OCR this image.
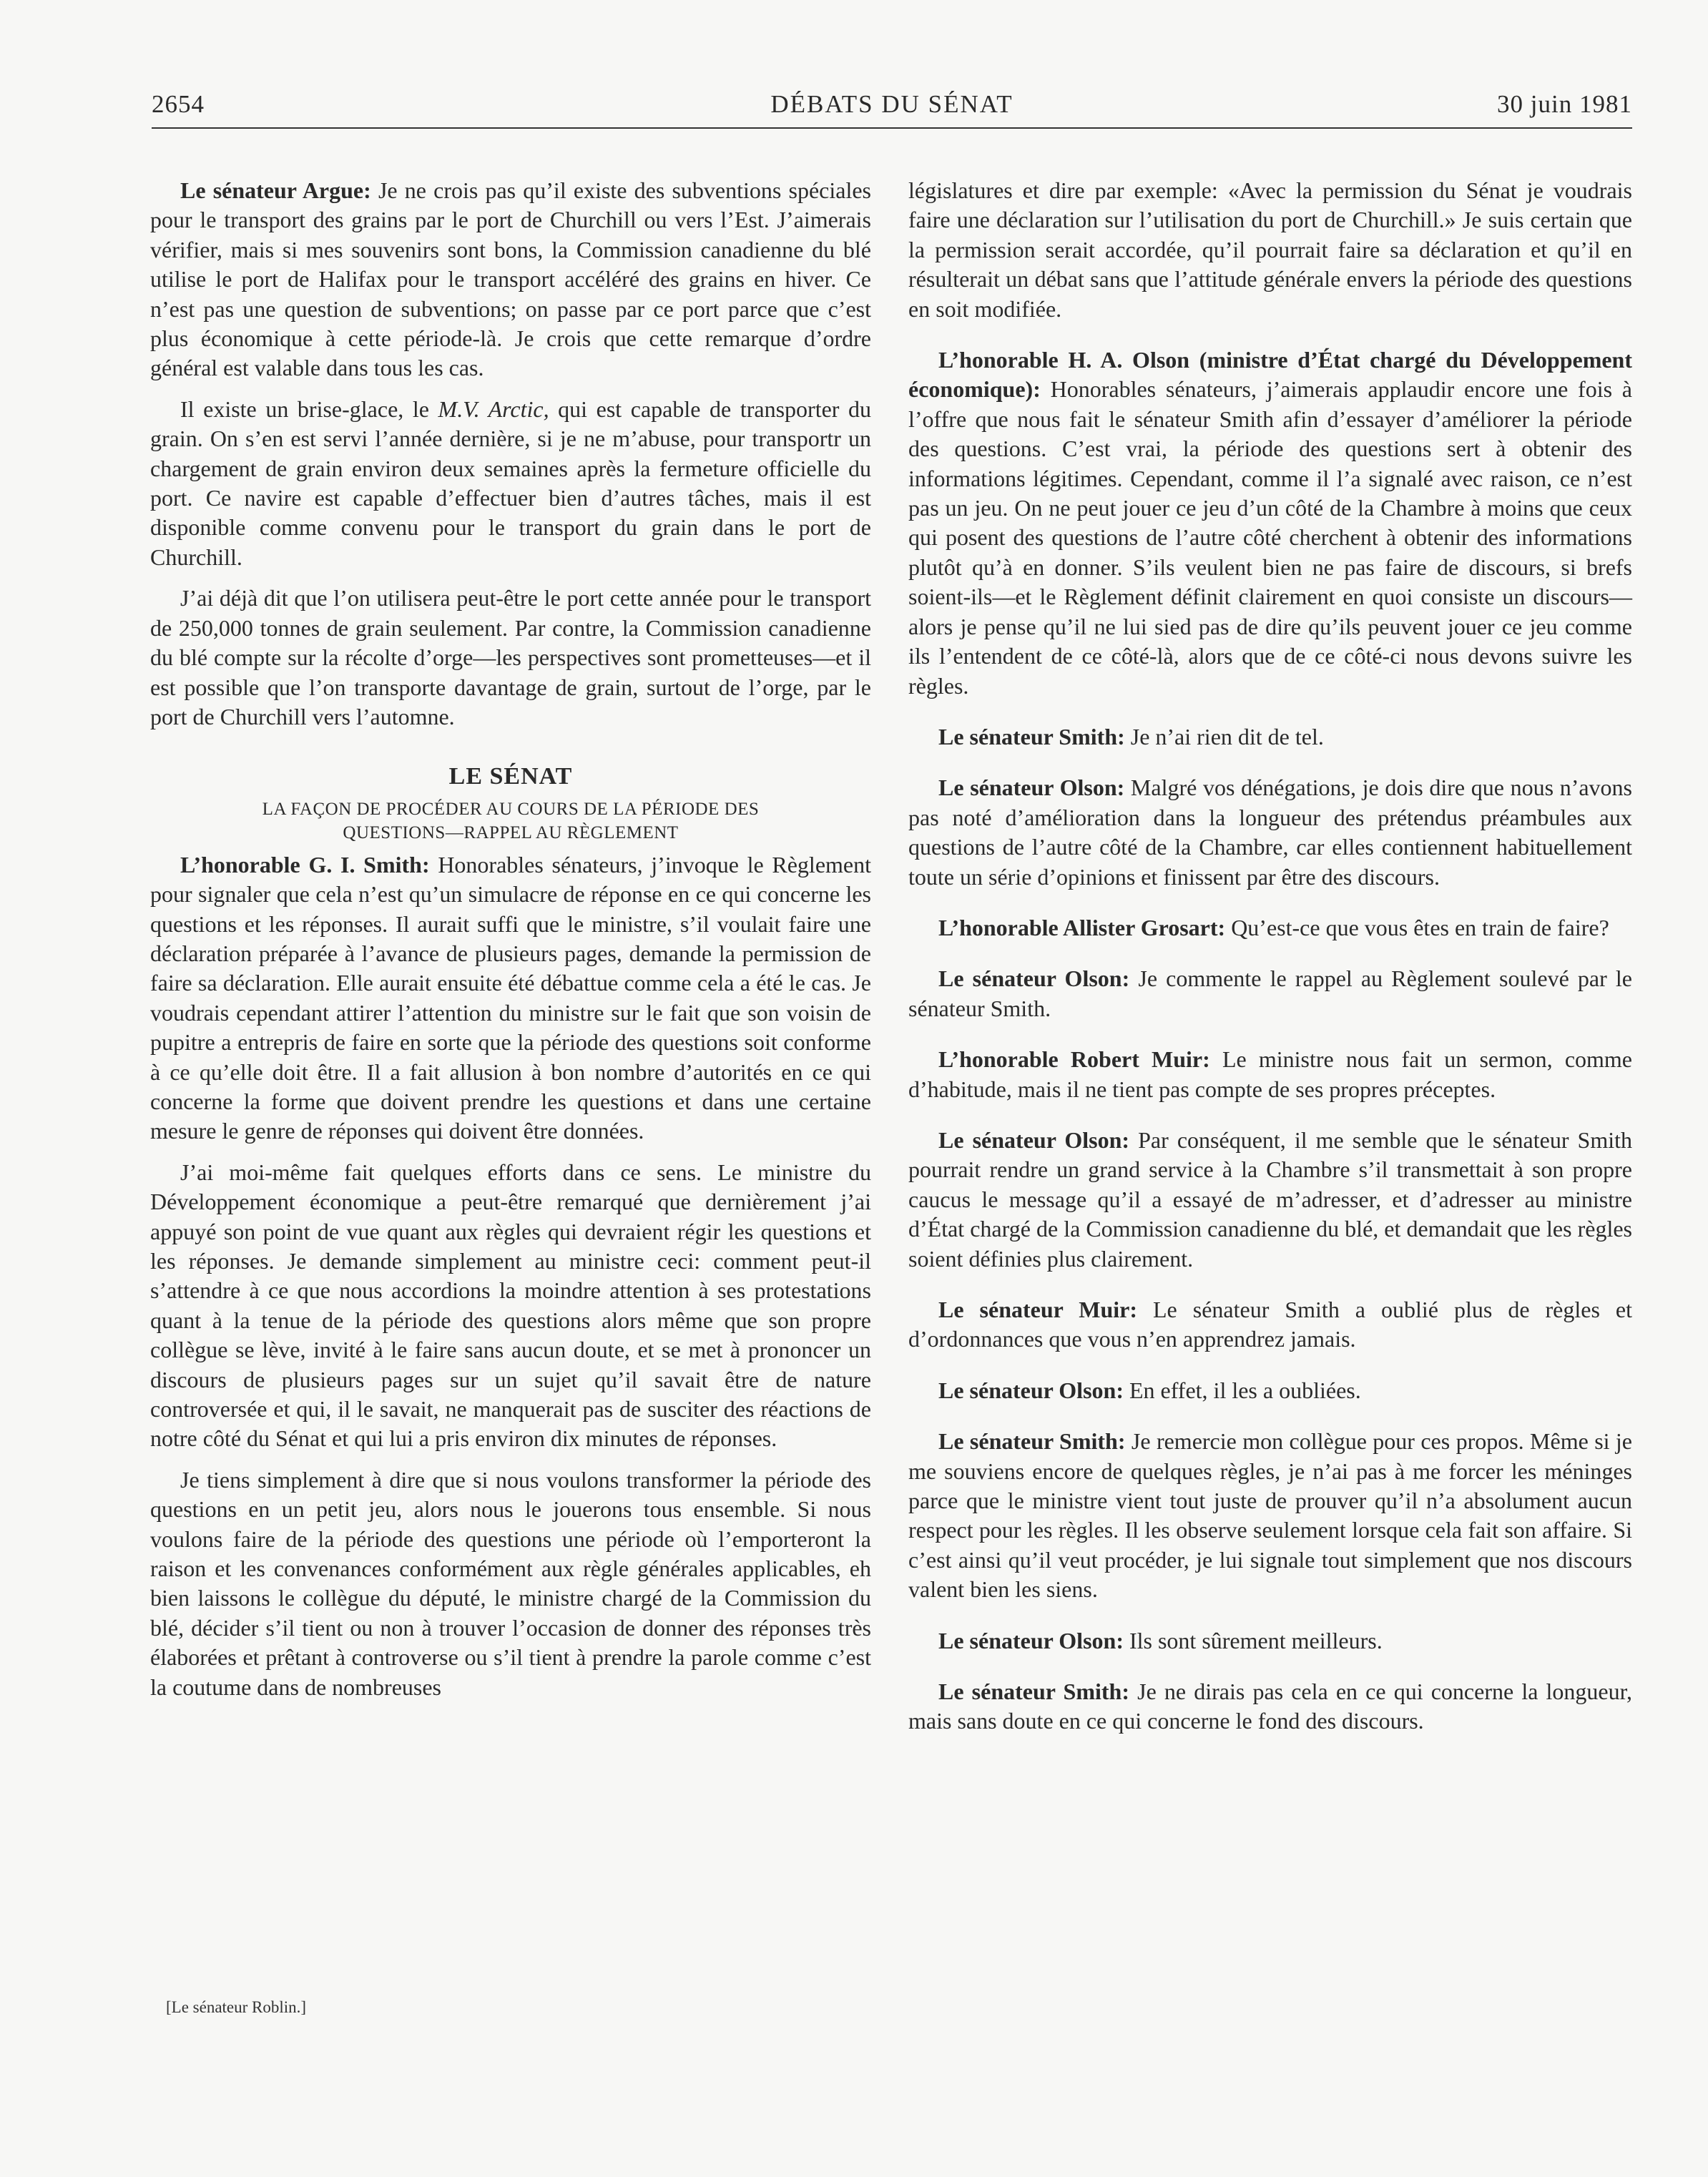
2654	DÉBATS DU SÉNAT	30 juin 1981

Le sénateur Argue: Je ne crois pas qu’il existe des subventions spéciales pour le transport des grains par le port de Churchill ou vers l’Est. J’aimerais vérifier, mais si mes souvenirs sont bons, la Commission canadienne du blé utilise le port de Halifax pour le transport accéléré des grains en hiver. Ce n’est pas une question de subventions; on passe par ce port parce que c’est plus économique à cette période-là. Je crois que cette remarque d’ordre général est valable dans tous les cas.

Il existe un brise-glace, le M.V. Arctic, qui est capable de transporter du grain. On s’en est servi l’année dernière, si je ne m’abuse, pour transportr un chargement de grain environ deux semaines après la fermeture officielle du port. Ce navire est capable d’effectuer bien d’autres tâches, mais il est disponible comme convenu pour le transport du grain dans le port de Churchill.

J’ai déjà dit que l’on utilisera peut-être le port cette année pour le transport de 250,000 tonnes de grain seulement. Par contre, la Commission canadienne du blé compte sur la récolte d’orge—les perspectives sont prometteuses—et il est possible que l’on transporte davantage de grain, surtout de l’orge, par le port de Churchill vers l’automne.

LE SÉNAT
LA FAÇON DE PROCÉDER AU COURS DE LA PÉRIODE DES
QUESTIONS—RAPPEL AU RÈGLEMENT

L’honorable G. I. Smith: Honorables sénateurs, j’invoque le Règlement pour signaler que cela n’est qu’un simulacre de réponse en ce qui concerne les questions et les réponses. Il aurait suffi que le ministre, s’il voulait faire une déclaration préparée à l’avance de plusieurs pages, demande la permission de faire sa déclaration. Elle aurait ensuite été débattue comme cela a été le cas. Je voudrais cependant attirer l’attention du ministre sur le fait que son voisin de pupitre a entrepris de faire en sorte que la période des questions soit conforme à ce qu’elle doit être. Il a fait allusion à bon nombre d’autorités en ce qui concerne la forme que doivent prendre les questions et dans une certaine mesure le genre de réponses qui doivent être données.

J’ai moi-même fait quelques efforts dans ce sens. Le ministre du Développement économique a peut-être remarqué que dernièrement j’ai appuyé son point de vue quant aux règles qui devraient régir les questions et les réponses. Je demande simplement au ministre ceci: comment peut-il s’attendre à ce que nous accordions la moindre attention à ses protestations quant à la tenue de la période des questions alors même que son propre collègue se lève, invité à le faire sans aucun doute, et se met à prononcer un discours de plusieurs pages sur un sujet qu’il savait être de nature controversée et qui, il le savait, ne manquerait pas de susciter des réactions de notre côté du Sénat et qui lui a pris environ dix minutes de réponses.

Je tiens simplement à dire que si nous voulons transformer la période des questions en un petit jeu, alors nous le jouerons tous ensemble. Si nous voulons faire de la période des questions une période où l’emporteront la raison et les convenances conformément aux règle générales applicables, eh bien laissons le collègue du député, le ministre chargé de la Commission du blé, décider s’il tient ou non à trouver l’occasion de donner des réponses très élaborées et prêtant à controverse ou s’il tient à prendre la parole comme c’est la coutume dans de nombreuses

[Le sénateur Roblin.]

législatures et dire par exemple: «Avec la permission du Sénat je voudrais faire une déclaration sur l’utilisation du port de Churchill.» Je suis certain que la permission serait accordée, qu’il pourrait faire sa déclaration et qu’il en résulterait un débat sans que l’attitude générale envers la période des questions en soit modifiée.

L’honorable H. A. Olson (ministre d’État chargé du Développement économique): Honorables sénateurs, j’aimerais applaudir encore une fois à l’offre que nous fait le sénateur Smith afin d’essayer d’améliorer la période des questions. C’est vrai, la période des questions sert à obtenir des informations légitimes. Cependant, comme il l’a signalé avec raison, ce n’est pas un jeu. On ne peut jouer ce jeu d’un côté de la Chambre à moins que ceux qui posent des questions de l’autre côté cherchent à obtenir des informations plutôt qu’à en donner. S’ils veulent bien ne pas faire de discours, si brefs soient-ils—et le Règlement définit clairement en quoi consiste un discours—alors je pense qu’il ne lui sied pas de dire qu’ils peuvent jouer ce jeu comme ils l’entendent de ce côté-là, alors que de ce côté-ci nous devons suivre les règles.

Le sénateur Smith: Je n’ai rien dit de tel.

Le sénateur Olson: Malgré vos dénégations, je dois dire que nous n’avons pas noté d’amélioration dans la longueur des prétendus préambules aux questions de l’autre côté de la Chambre, car elles contiennent habituellement toute un série d’opinions et finissent par être des discours.

L’honorable Allister Grosart: Qu’est-ce que vous êtes en train de faire?

Le sénateur Olson: Je commente le rappel au Règlement soulevé par le sénateur Smith.

L’honorable Robert Muir: Le ministre nous fait un sermon, comme d’habitude, mais il ne tient pas compte de ses propres préceptes.

Le sénateur Olson: Par conséquent, il me semble que le sénateur Smith pourrait rendre un grand service à la Chambre s’il transmettait à son propre caucus le message qu’il a essayé de m’adresser, et d’adresser au ministre d’État chargé de la Commission canadienne du blé, et demandait que les règles soient définies plus clairement.

Le sénateur Muir: Le sénateur Smith a oublié plus de règles et d’ordonnances que vous n’en apprendrez jamais.

Le sénateur Olson: En effet, il les a oubliées.

Le sénateur Smith: Je remercie mon collègue pour ces propos. Même si je me souviens encore de quelques règles, je n’ai pas à me forcer les méninges parce que le ministre vient tout juste de prouver qu’il n’a absolument aucun respect pour les règles. Il les observe seulement lorsque cela fait son affaire. Si c’est ainsi qu’il veut procéder, je lui signale tout simplement que nos discours valent bien les siens.

Le sénateur Olson: Ils sont sûrement meilleurs.

Le sénateur Smith: Je ne dirais pas cela en ce qui concerne la longueur, mais sans doute en ce qui concerne le fond des discours.
